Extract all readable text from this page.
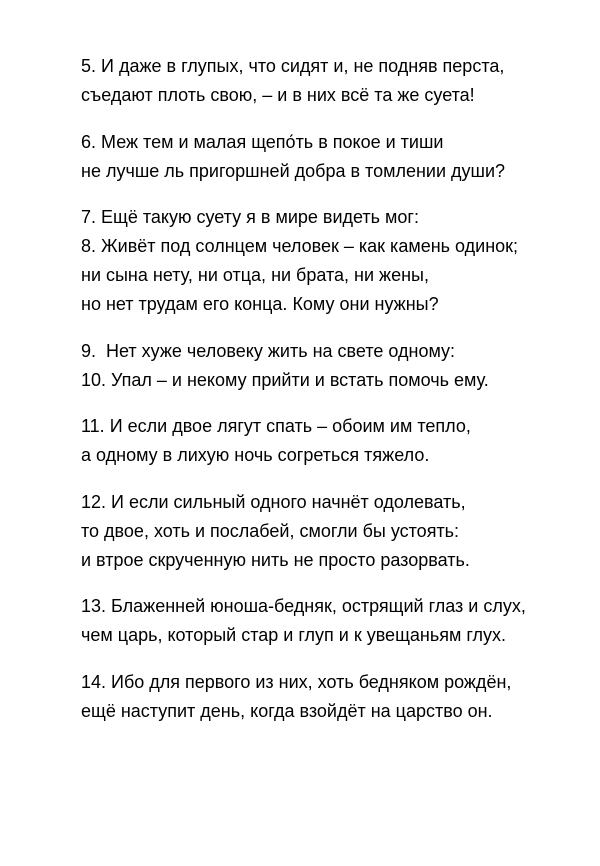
5. И даже в глупых, что сидят и, не подняв перста,
съедают плоть свою, – и в них всё та же суета!
6. Меж тем и малая щепо́ть в покое и тиши
не лучше ль пригоршней добра в томлении души?
7. Ещё такую суету я в мире видеть мог:
8. Живёт под солнцем человек – как камень одинок;
ни сына нету, ни отца, ни брата, ни жены,
но нет трудам его конца. Кому они нужны?
9.  Нет хуже человеку жить на свете одному:
10. Упал – и некому прийти и встать помочь ему.
11. И если двое лягут спать – обоим им тепло,
а одному в лихую ночь согреться тяжело.
12. И если сильный одного начнёт одолевать,
то двое, хоть и послабей, смогли бы устоять:
и втрое скрученную нить не просто разорвать.
13. Блаженней юноша-бедняк, острящий глаз и слух,
чем царь, который стар и глуп и к увещаньям глух.
14. Ибо для первого из них, хоть бедняком рождён,
ещё наступит день, когда взойдёт на царство он.
